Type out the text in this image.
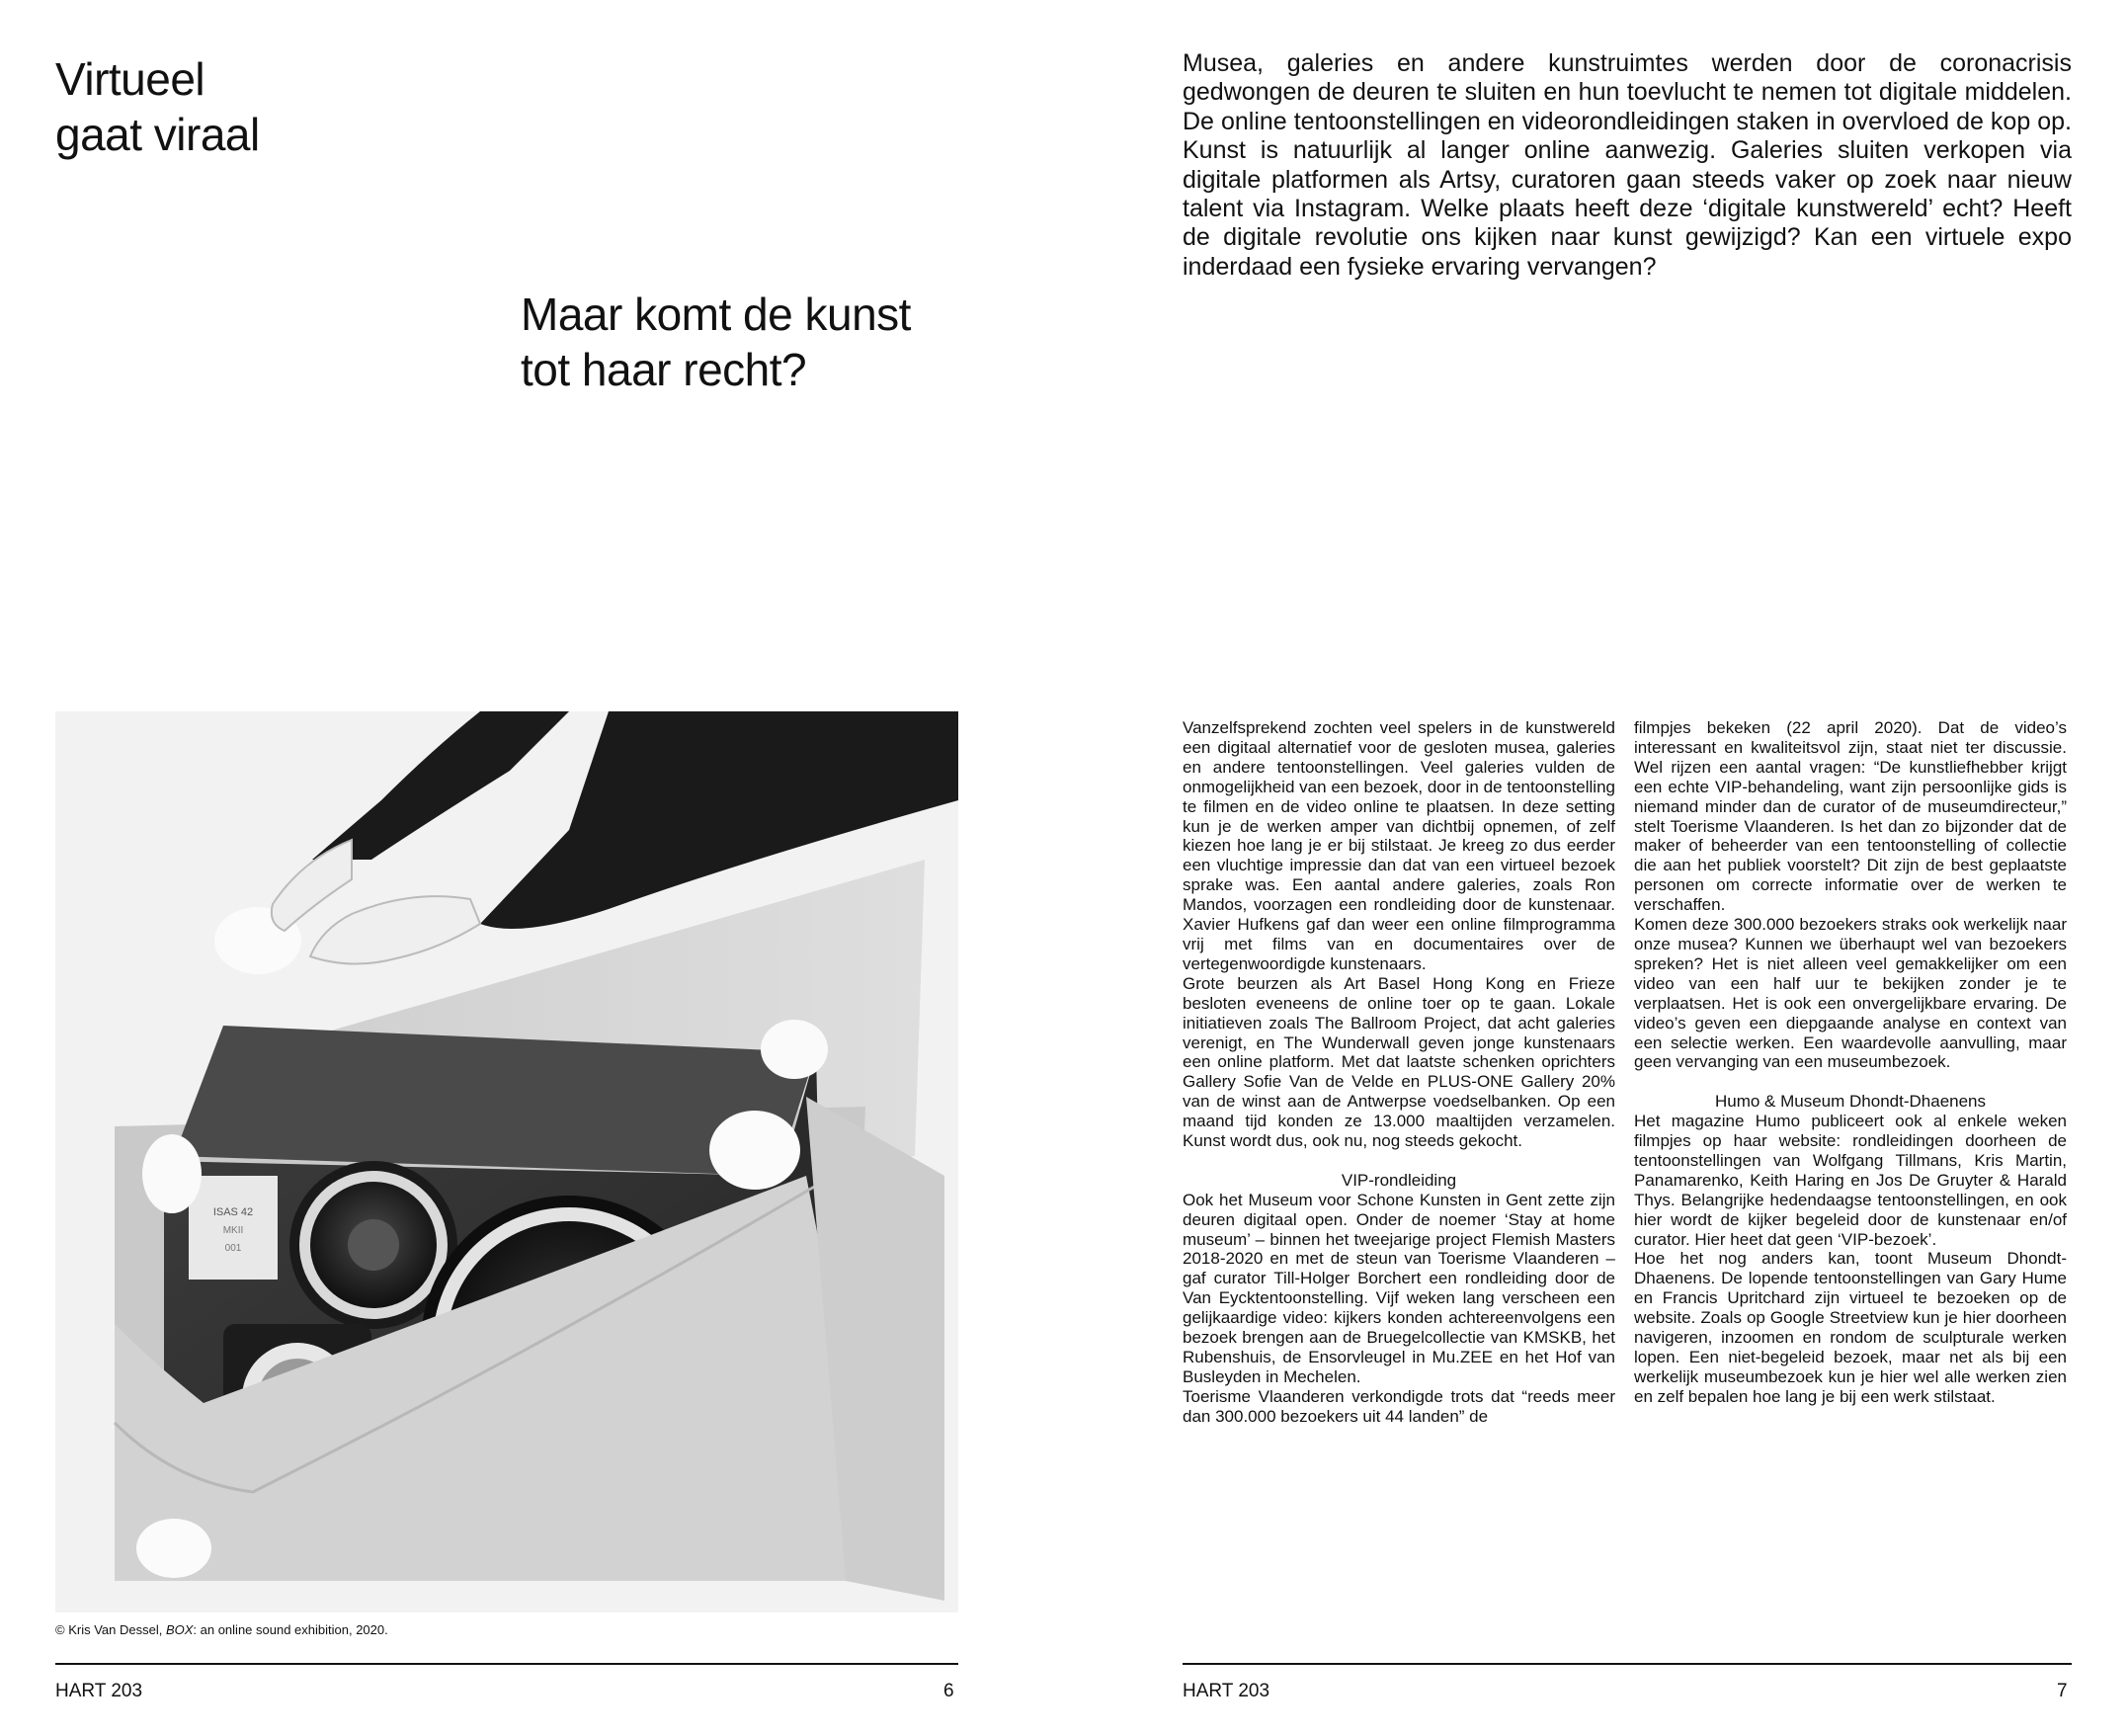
Virtueel
gaat viraal
Maar komt de kunst
tot haar recht?
ISAS 42
MKII
001
© Kris Van Dessel, BOX: an online sound exhibition, 2020.
HART 203	6

Musea, galeries en andere kunstruimtes werden door de coronacrisis gedwongen de deuren te sluiten en hun toevlucht te nemen tot digitale middelen. De online tentoonstellingen en videorondleidingen staken in overvloed de kop op. Kunst is natuurlijk al langer online aanwezig. Galeries sluiten verkopen via digitale platformen als Artsy, curatoren gaan steeds vaker op zoek naar nieuw talent via Instagram. Welke plaats heeft deze ‘digitale kunstwereld’ echt? Heeft de digitale revolutie ons kijken naar kunst gewijzigd? Kan een virtuele expo inderdaad een fysieke ervaring vervangen?

Vanzelfsprekend zochten veel spelers in de kunstwereld een digitaal alternatief voor de gesloten musea, galeries en andere tentoonstellingen. Veel galeries vulden de onmogelijkheid van een bezoek, door in de tentoonstelling te filmen en de video online te plaatsen. In deze setting kun je de werken amper van dichtbij opnemen, of zelf kiezen hoe lang je er bij stilstaat. Je kreeg zo dus eerder een vluchtige impressie dan dat van een virtueel bezoek sprake was. Een aantal andere galeries, zoals Ron Mandos, voorzagen een rondleiding door de kunstenaar. Xavier Hufkens gaf dan weer een online filmprogramma vrij met films van en documentaires over de vertegenwoordigde kunstenaars.

Grote beurzen als Art Basel Hong Kong en Frieze besloten eveneens de online toer op te gaan. Lokale initiatieven zoals The Ballroom Project, dat acht galeries verenigt, en The Wunderwall geven jonge kunstenaars een online platform. Met dat laatste schenken oprichters Gallery Sofie Van de Velde en PLUS-ONE Gallery 20% van de winst aan de Antwerpse voedselbanken. Op een maand tijd konden ze 13.000 maaltijden verzamelen. Kunst wordt dus, ook nu, nog steeds gekocht.

VIP-rondleiding

Ook het Museum voor Schone Kunsten in Gent zette zijn deuren digitaal open. Onder de noemer ‘Stay at home museum’ – binnen het tweejarige project Flemish Masters 2018-2020 en met de steun van Toerisme Vlaanderen – gaf curator Till-Holger Borchert een rondleiding door de Van Eycktentoonstelling. Vijf weken lang verscheen een gelijkaardige video: kijkers konden achtereenvolgens een bezoek brengen aan de Bruegelcollectie van KMSKB, het Rubenshuis, de Ensorvleugel in Mu.ZEE en het Hof van Busleyden in Mechelen.

Toerisme Vlaanderen verkondigde trots dat “reeds meer dan 300.000 bezoekers uit 44 landen” de

filmpjes bekeken (22 april 2020). Dat de video’s interessant en kwaliteitsvol zijn, staat niet ter discussie. Wel rijzen een aantal vragen: “De kunstliefhebber krijgt een echte VIP-behandeling, want zijn persoonlijke gids is niemand minder dan de curator of de museumdirecteur,” stelt Toerisme Vlaanderen. Is het dan zo bijzonder dat de maker of beheerder van een tentoonstelling of collectie die aan het publiek voorstelt? Dit zijn de best geplaatste personen om correcte informatie over de werken te verschaffen.

Komen deze 300.000 bezoekers straks ook werkelijk naar onze musea? Kunnen we überhaupt wel van bezoekers spreken? Het is niet alleen veel gemakkelijker om een video van een half uur te bekijken zonder je te verplaatsen. Het is ook een onvergelijkbare ervaring. De video’s geven een diepgaande analyse en context van een selectie werken. Een waardevolle aanvulling, maar geen vervanging van een museumbezoek.

Humo & Museum Dhondt-Dhaenens

Het magazine Humo publiceert ook al enkele weken filmpjes op haar website: rondleidingen doorheen de tentoonstellingen van Wolfgang Tillmans, Kris Martin, Panamarenko, Keith Haring en Jos De Gruyter & Harald Thys. Belangrijke hedendaagse tentoonstellingen, en ook hier wordt de kijker begeleid door de kunstenaar en/of curator. Hier heet dat geen ‘VIP-bezoek’.

Hoe het nog anders kan, toont Museum Dhondt-Dhaenens. De lopende tentoonstellingen van Gary Hume en Francis Upritchard zijn virtueel te bezoeken op de website. Zoals op Google Streetview kun je hier doorheen navigeren, inzoomen en rondom de sculpturale werken lopen. Een niet-begeleid bezoek, maar net als bij een werkelijk museumbezoek kun je hier wel alle werken zien en zelf bepalen hoe lang je bij een werk stilstaat.

HART 203	7
